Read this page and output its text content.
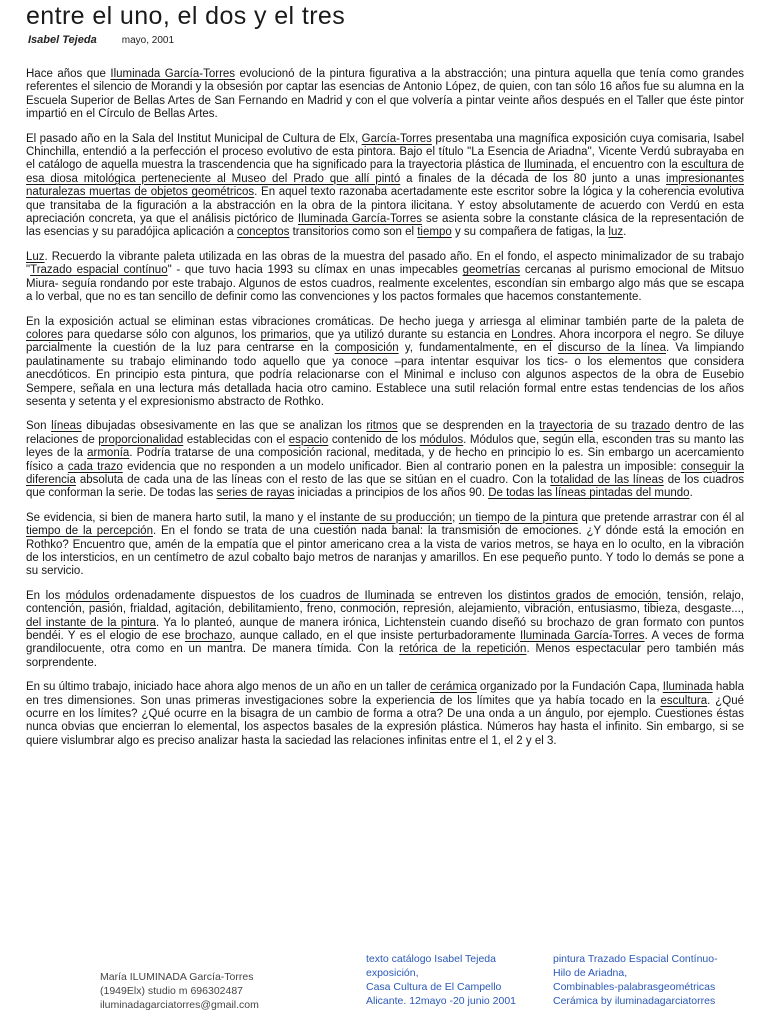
entre el uno, el dos y el tres
Isabel Tejeda	mayo, 2001

Hace años que Iluminada García-Torres evolucionó de la pintura figurativa a la abstracción; una pintura aquella que tenía como grandes referentes el silencio de Morandi y la obsesión por captar las esencias de Antonio López, de quien, con tan sólo 16 años fue su alumna en la Escuela Superior de Bellas Artes de San Fernando en Madrid y con el que volvería a pintar veinte años después en el Taller que éste pintor impartió en el Círculo de Bellas Artes.

El pasado año en la Sala del Institut Municipal de Cultura de Elx, García-Torres presentaba una magnífica exposición cuya comisaria, Isabel Chinchilla, entendió a la perfección el proceso evolutivo de esta pintora. Bajo el título "La Esencia de Ariadna", Vicente Verdú subrayaba en el catálogo de aquella muestra la trascendencia que ha significado para la trayectoria plástica de Iluminada, el encuentro con la escultura de esa diosa mitológica perteneciente al Museo del Prado que allí pintó a finales de la década de los 80 junto a unas impresionantes naturalezas muertas de objetos geométricos. En aquel texto razonaba acertadamente este escritor sobre la lógica y la coherencia evolutiva que transitaba de la figuración a la abstracción en la obra de la pintora ilicitana. Y estoy absolutamente de acuerdo con Verdú en esta apreciación concreta, ya que el análisis pictórico de Iluminada García-Torres se asienta sobre la constante clásica de la representación de las esencias y su paradójica aplicación a conceptos transitorios como son el tiempo y su compañera de fatigas, la luz.

Luz. Recuerdo la vibrante paleta utilizada en las obras de la muestra del pasado año. En el fondo, el aspecto minimalizador de su trabajo "Trazado espacial contínuo" - que tuvo hacia 1993 su clímax en unas impecables geometrías cercanas al purismo emocional de Mitsuo Miura- seguía rondando por este trabajo. Algunos de estos cuadros, realmente excelentes, escondían sin embargo algo más que se escapa a lo verbal, que no es tan sencillo de definir como las convenciones y los pactos formales que hacemos constantemente.

En la exposición actual se eliminan estas vibraciones cromáticas. De hecho juega y arriesga al eliminar también parte de la paleta de colores para quedarse sólo con algunos, los primarios, que ya utilizó durante su estancia en Londres. Ahora incorpora el negro. Se diluye parcialmente la cuestión de la luz para centrarse en la composición y, fundamentalmente, en el discurso de la línea. Va limpiando paulatinamente su trabajo eliminando todo aquello que ya conoce –para intentar esquivar los tics- o los elementos que considera anecdóticos. En principio esta pintura, que podría relacionarse con el Minimal e incluso con algunos aspectos de la obra de Eusebio Sempere, señala en una lectura más detallada hacia otro camino. Establece una sutil relación formal entre estas tendencias de los años sesenta y setenta y el expresionismo abstracto de Rothko.

Son líneas dibujadas obsesivamente en las que se analizan los ritmos que se desprenden en la trayectoria de su trazado dentro de las relaciones de proporcionalidad establecidas con el espacio contenido de los módulos. Módulos que, según ella, esconden tras su manto las leyes de la armonía. Podría tratarse de una composición racional, meditada, y de hecho en principio lo es. Sin embargo un acercamiento físico a cada trazo evidencia que no responden a un modelo unificador. Bien al contrario ponen en la palestra un imposible: conseguir la diferencia absoluta de cada una de las líneas con el resto de las que se sitúan en el cuadro. Con la totalidad de las líneas de los cuadros que conforman la serie. De todas las series de rayas iniciadas a principios de los años 90. De todas las líneas pintadas del mundo.

Se evidencia, si bien de manera harto sutil, la mano y el instante de su producción; un tiempo de la pintura que pretende arrastrar con él al tiempo de la percepción. En el fondo se trata de una cuestión nada banal: la transmisión de emociones. ¿Y dónde está la emoción en Rothko? Encuentro que, amén de la empatía que el pintor americano crea a la vista de varios metros, se haya en lo oculto, en la vibración de los intersticios, en un centímetro de azul cobalto bajo metros de naranjas y amarillos. En ese pequeño punto. Y todo lo demás se pone a su servicio.

En los módulos ordenadamente dispuestos de los cuadros de Iluminada se entreven los distintos grados de emoción, tensión, relajo, contención, pasión, frialdad, agitación, debilitamiento, freno, conmoción, represión, alejamiento, vibración, entusiasmo, tibieza, desgaste..., del instante de la pintura. Ya lo planteó, aunque de manera irónica, Lichtenstein cuando diseñó su brochazo de gran formato con puntos bendéi. Y es el elogio de ese brochazo, aunque callado, en el que insiste perturbadoramente Iluminada García-Torres. A veces de forma grandilocuente, otra como en un mantra. De manera tímida. Con la retórica de la repetición. Menos espectacular pero también más sorprendente.

En su último trabajo, iniciado hace ahora algo menos de un año en un taller de cerámica organizado por la Fundación Capa, Iluminada habla en tres dimensiones. Son unas primeras investigaciones sobre la experiencia de los límites que ya había tocado en la escultura. ¿Qué ocurre en los límites? ¿Qué ocurre en la bisagra de un cambio de forma a otra? De una onda a un ángulo, por ejemplo. Cuestiones éstas nunca obvias que encierran lo elemental, los aspectos basales de la expresión plástica. Números hay hasta el infinito. Sin embargo, si se quiere vislumbrar algo es preciso analizar hasta la saciedad las relaciones infinitas entre el 1, el 2 y el 3.

María ILUMINADA García-Torres
(1949Elx) studio m 696302487
iluminadagarciatorres@gmail.com
texto catálogo Isabel Tejeda
exposición,
Casa Cultura de El Campello
Alicante. 12mayo -20 junio 2001
pintura Trazado Espacial Contínuo-
Hilo de Ariadna,
Combinables-palabrasgeométricas
Cerámica by iluminadagarciatorres
